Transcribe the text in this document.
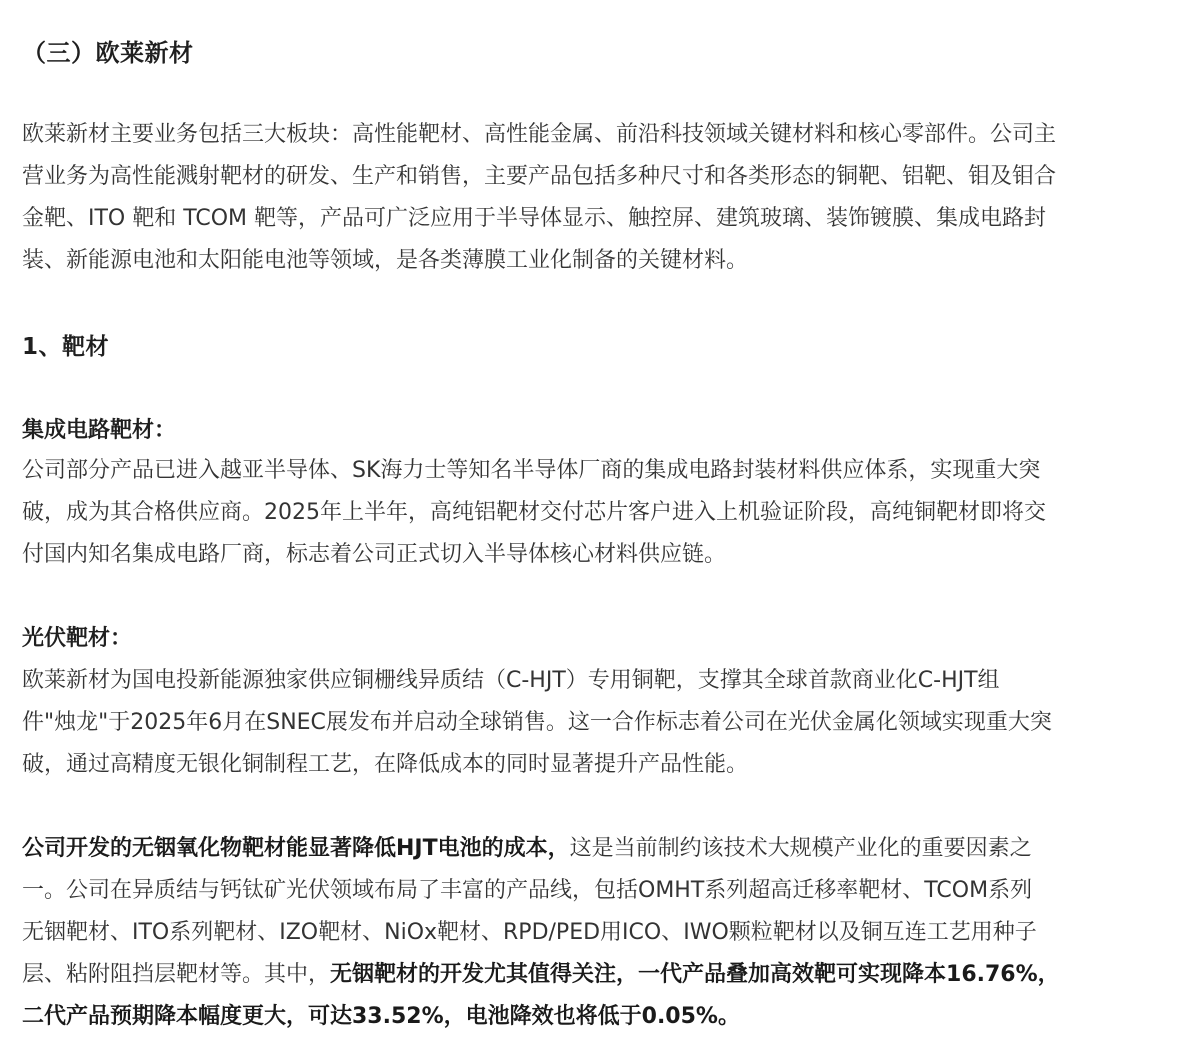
（三）欧莱新材
欧莱新材主要业务包括三大板块：高性能靶材、高性能金属、前沿科技领域关键材料和核心零部件。公司主
营业务为高性能溅射靶材的研发、生产和销售，主要产品包括多种尺寸和各类形态的铜靶、铝靶、钼及钼合
金靶、ITO 靶和 TCOM 靶等，产品可广泛应用于半导体显示、触控屏、建筑玻璃、装饰镀膜、集成电路封
装、新能源电池和太阳能电池等领域，是各类薄膜工业化制备的关键材料。
1、靶材
集成电路靶材：
公司部分产品已进入越亚半导体、SK海力士等知名半导体厂商的集成电路封装材料供应体系，实现重大突
破，成为其合格供应商。2025年上半年，高纯铝靶材交付芯片客户进入上机验证阶段，高纯铜靶材即将交
付国内知名集成电路厂商，标志着公司正式切入半导体核心材料供应链。
光伏靶材：
欧莱新材为国电投新能源独家供应铜栅线异质结（C-HJT）专用铜靶，支撑其全球首款商业化C-HJT组
件"烛龙"于2025年6月在SNEC展发布并启动全球销售。这一合作标志着公司在光伏金属化领域实现重大突
破，通过高精度无银化铜制程工艺，在降低成本的同时显著提升产品性能。
公司开发的无铟氧化物靶材能显著降低HJT电池的成本，这是当前制约该技术大规模产业化的重要因素之
一。公司在异质结与钙钛矿光伏领域布局了丰富的产品线，包括OMHT系列超高迁移率靶材、TCOM系列
无铟靶材、ITO系列靶材、IZO靶材、NiOx靶材、RPD/PED用ICO、IWO颗粒靶材以及铜互连工艺用种子
层、粘附阻挡层靶材等。其中，无铟靶材的开发尤其值得关注，一代产品叠加高效靶可实现降本16.76%，
二代产品预期降本幅度更大，可达33.52%，电池降效也将低于0.05%。
